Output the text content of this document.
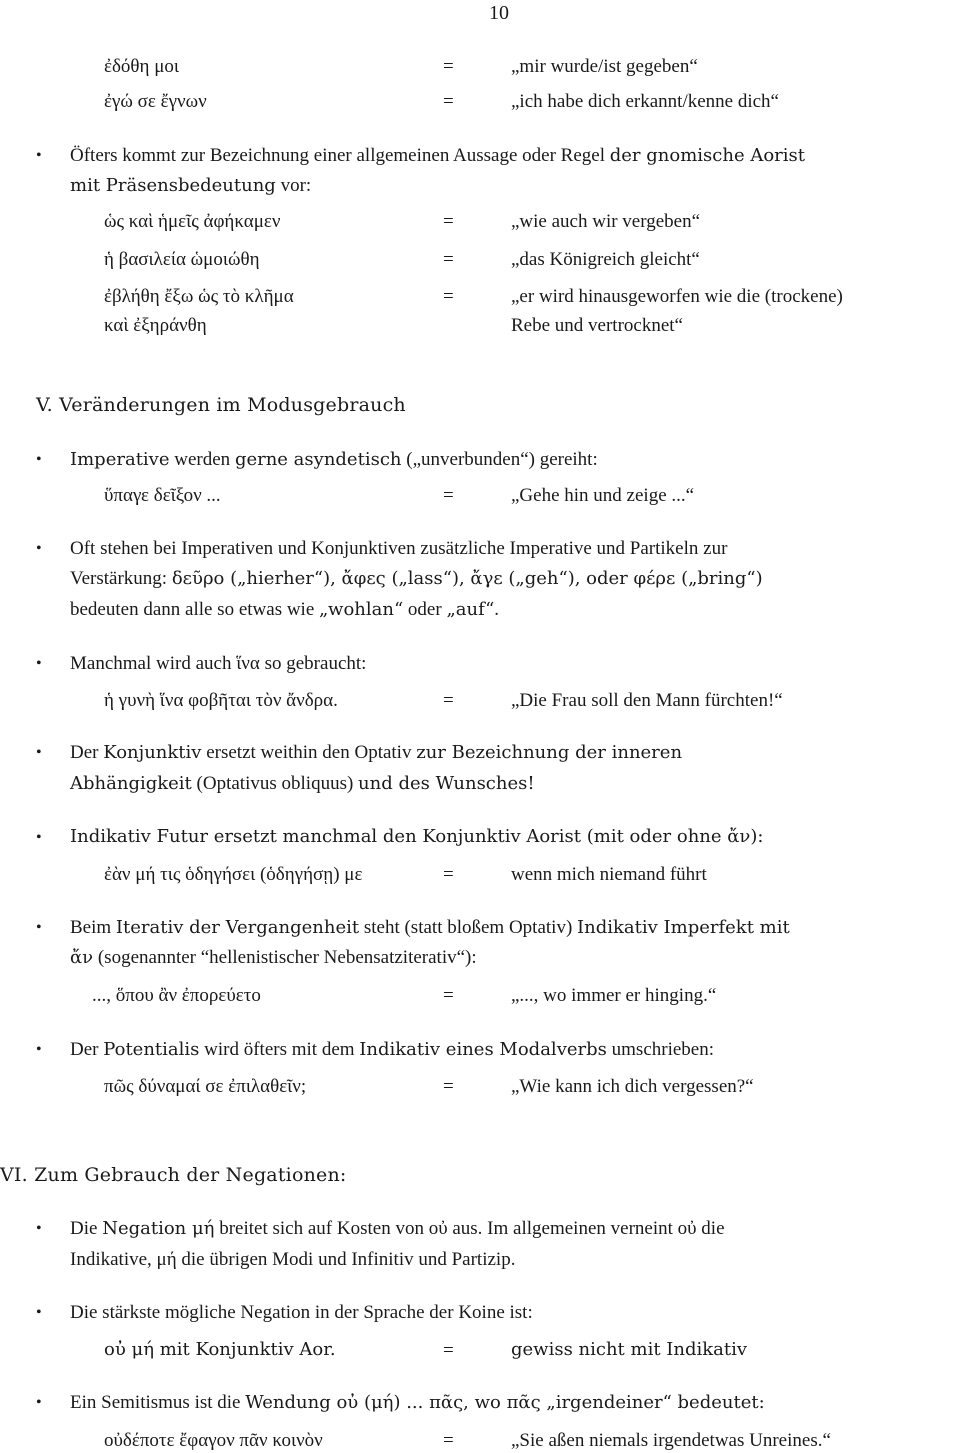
10
ἐδόθη μοι	=	„mir wurde/ist gegeben“
ἐγώ σε ἔγνων	=	„ich habe dich erkannt/kenne dich“
• Öfters kommt zur Bezeichnung einer allgemeinen Aussage oder Regel der gnomische Aorist
mit Präsensbedeutung vor:
ὡς καὶ ἡμεῖς ἀφήκαμεν	=	„wie auch wir vergeben“
ἡ βασιλεία ὡμοιώθη	=	„das Königreich gleicht“
ἐβλήθη ἔξω ὡς τὸ κλῆμα	=	„er wird hinausgeworfen wie die (trockene)
καὶ ἐξηράνθη	Rebe und vertrocknet“
V. Veränderungen im Modusgebrauch
• Imperative werden gerne asyndetisch („unverbunden“) gereiht:
ὕπαγε δεῖξον ...	=	„Gehe hin und zeige ...“
• Oft stehen bei Imperativen und Konjunktiven zusätzliche Imperative und Partikeln zur
Verstärkung: δεῦρο („hierher“), ἄφες („lass“), ἄγε („geh“), oder φέρε („bring“)
bedeuten dann alle so etwas wie „wohlan“ oder „auf“.
• Manchmal wird auch ἵνα so gebraucht:
ἡ γυνὴ ἵνα φοβῆται τὸν ἄνδρα.	=	„Die Frau soll den Mann fürchten!“
• Der Konjunktiv ersetzt weithin den Optativ zur Bezeichnung der inneren
Abhängigkeit (Optativus obliquus) und des Wunsches!
• Indikativ Futur ersetzt manchmal den Konjunktiv Aorist (mit oder ohne ἄν):
ἐὰν μή τις ὁδηγήσει (ὁδηγήσῃ) με	=	wenn mich niemand führt
• Beim Iterativ der Vergangenheit steht (statt bloßem Optativ) Indikativ Imperfekt mit
ἄν (sogenannter “hellenistischer Nebensatziterativ“):
..., ὅπου ἂν ἐπορεύετο	=	„..., wo immer er hinging.“
• Der Potentialis wird öfters mit dem Indikativ eines Modalverbs umschrieben:
πῶς δύναμαί σε ἐπιλαθεῖν;	=	„Wie kann ich dich vergessen?“
VI. Zum Gebrauch der Negationen:
• Die Negation μή breitet sich auf Kosten von οὐ aus. Im allgemeinen verneint οὐ die
Indikative, μή die übrigen Modi und Infinitiv und Partizip.
• Die stärkste mögliche Negation in der Sprache der Koine ist:
οὐ μή mit Konjunktiv Aor.	=	gewiss nicht mit Indikativ
• Ein Semitismus ist die Wendung οὐ (μή) ... πᾶς, wo πᾶς „irgendeiner“ bedeutet:
οὐδέποτε ἔφαγον πᾶν κοινὸν	=	„Sie aßen niemals irgendetwas Unreines.“
